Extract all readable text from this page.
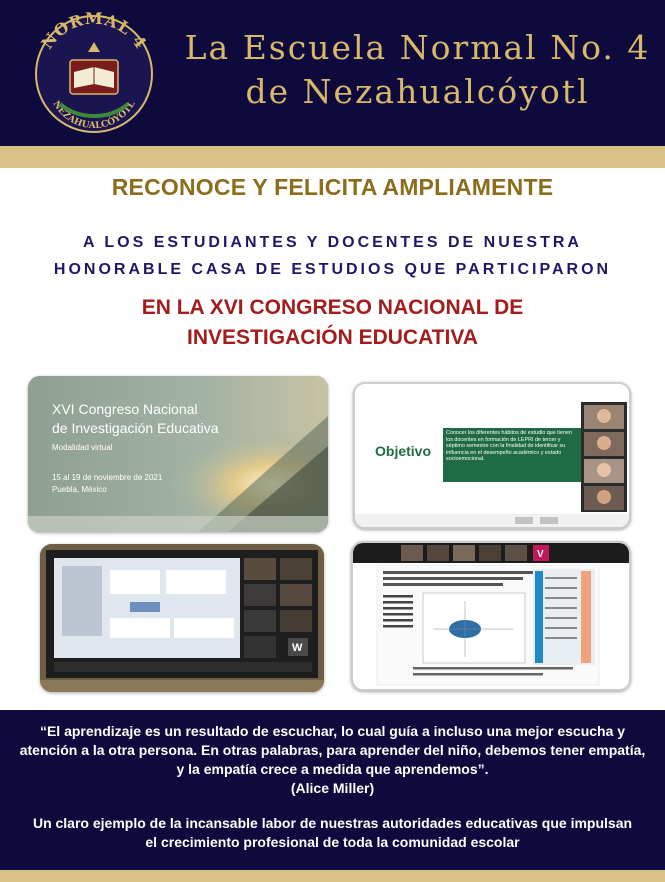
NORMAL 4
NEZAHUALCÓYOTL
La Escuela Normal No. 4
de Nezahualcóyotl
RECONOCE Y FELICITA AMPLIAMENTE
A LOS ESTUDIANTES Y DOCENTES DE NUESTRA
HONORABLE CASA DE ESTUDIOS QUE PARTICIPARON
EN LA XVI CONGRESO NACIONAL DE
INVESTIGACIÓN EDUCATIVA
XVI Congreso Nacional
de Investigación Educativa
Modalidad virtual
15 al 19 de noviembre de 2021
Puebla, México
Objetivo
Conocer los diferentes hábitos de estudio que tienen los docentes en formación de LEPRI de tercer y séptimo semestre con la finalidad de identificar su influencia en el desempeño académico y estado socioemocional.
W
V
“El aprendizaje es un resultado de escuchar, lo cual guía a incluso una mejor escucha y atención a la otra persona. En otras palabras, para aprender del niño, debemos tener empatía, y la empatía crece a medida que aprendemos”.
(Alice Miller)
Un claro ejemplo de la incansable labor de nuestras autoridades educativas que impulsan el crecimiento profesional de toda la comunidad escolar
